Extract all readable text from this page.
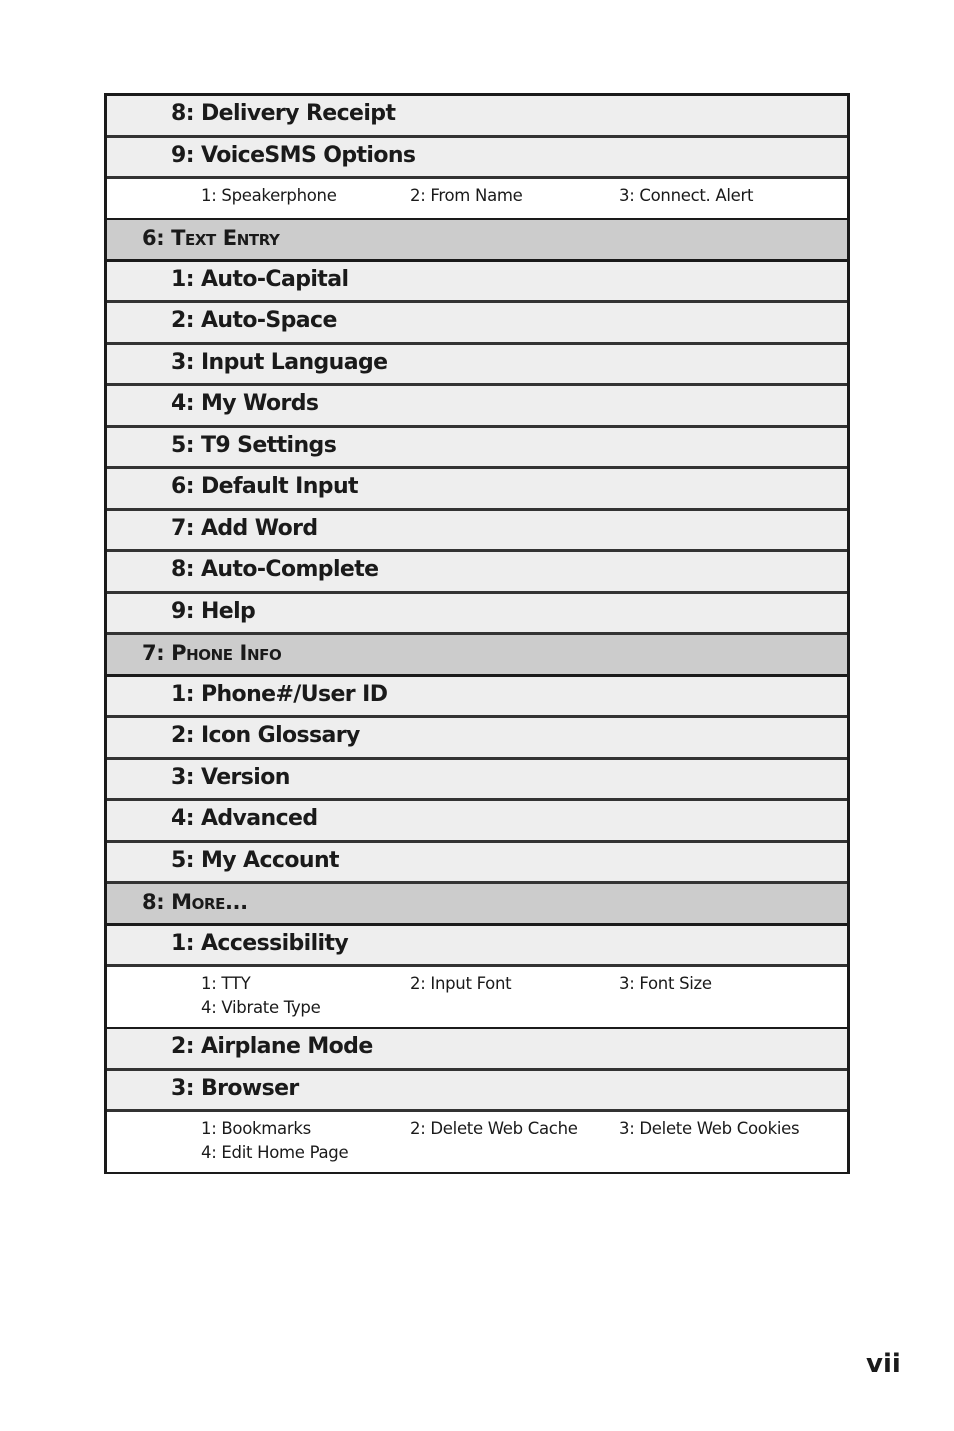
8: Delivery Receipt
9: VoiceSMS Options
1: Speakerphone	2: From Name	3: Connect. Alert
6: Text Entry
1: Auto-Capital
2: Auto-Space
3: Input Language
4: My Words
5: T9 Settings
6: Default Input
7: Add Word
8: Auto-Complete
9: Help
7: Phone Info
1: Phone#/User ID
2: Icon Glossary
3: Version
4: Advanced
5: My Account
8: More...
1: Accessibility
1: TTY	2: Input Font	3: Font Size
4: Vibrate Type
2: Airplane Mode
3: Browser
1: Bookmarks	2: Delete Web Cache	3: Delete Web Cookies
4: Edit Home Page
vii
